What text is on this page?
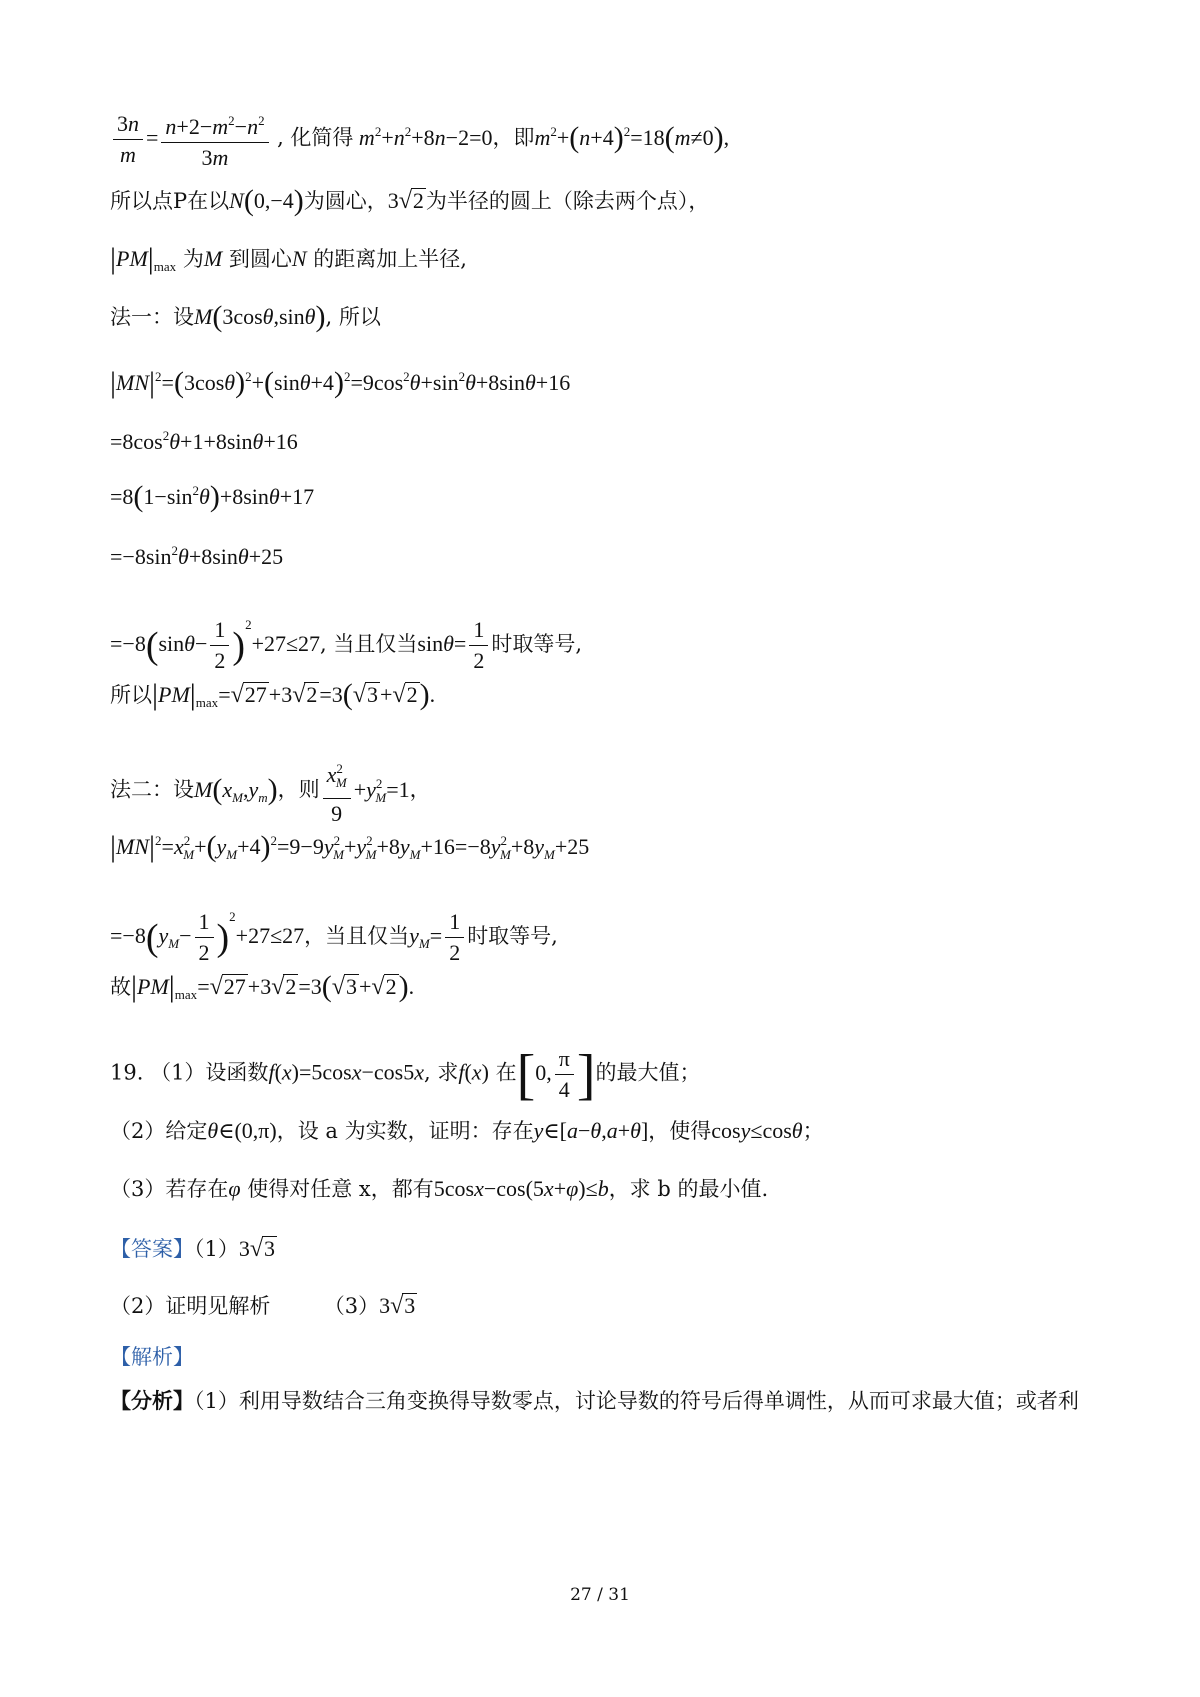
$\frac{3n}{m} = \frac{n+2-m^2-n^2}{3m}$ , 化简得 $m^2+n^2+8n-2=0$，即$m^2+(n+4)^2=18(m\ne 0)$,
所以点P在以N(0,−4)为圆心，3√2为半径的圆上（除去两个点），
$|PM|_{max}$ 为M 到圆心N 的距离加上半径,
法一：设M(3cosθ,sinθ), 所以
$|MN|^2=(3\cos\theta)^2+(\sin\theta+4)^2=9\cos^2\theta+\sin^2\theta+8\sin\theta+16$
$=8\cos^2\theta+1+8\sin\theta+16$
$=8(1-\sin^2\theta)+8\sin\theta+17$
$=-8\sin^2\theta+8\sin\theta+25$
$=-8(\sin\theta- \frac{1}{2} )^2+27\le 27$, 当且仅当$\sin\theta= \frac{1}{2}$ 时取等号,
所以$|PM|_{max}=√27+3√2=3(√3+√2)$.
法二：设$M(x_M,y_m)$，则 $\frac{x^2_M}{9} +y^2_M=1$，
$|MN|^2=x^2_M+(y_M+4)^2=9-9y^2_M+y^2_M+8y_M+16=-8y^2_M+8y_M+25$
$=-8(y_M- \frac{1}{2} )^2+27\le 27$，当且仅当$y_M= \frac{1}{2}$ 时取等号,
故$|PM|_{max}=√27+3√2=3(√3+√2)$.
19. （1）设函数f(x)=5cosx−cos5x, 求f(x) 在[0, $\frac{\pi}{4}$ ]的最大值；
（2）给定θ∈(0,π)，设 a 为实数，证明：存在y∈[a−θ,a+θ]，使得cosy≤cosθ；
（3）若存在φ 使得对任意 x，都有5cosx−cos(5x+φ)≤b，求 b 的最小值.
【答案】（1）3√3
（2）证明见解析	（3）3√3
【解析】
【分析】（1）利用导数结合三角变换得导数零点，讨论导数的符号后得单调性，从而可求最大值；或者利
27 / 31
